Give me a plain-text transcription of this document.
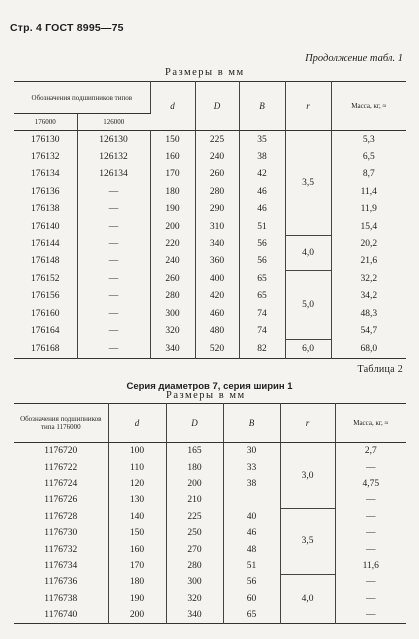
Стр. 4 ГОСТ 8995—75
Продолжение табл. 1
Размеры в мм
Обозначения подшипников типов		d	D	B	r	Масса, кг, ≈
176000	126000					
176130	126130	150	225	35	3,5	5,3
176132	126132	160	240	38		6,5
176134	126134	170	260	42		8,7
176136	—	180	280	46		11,4
176138	—	190	290	46		11,9
176140	—	200	310	51		15,4
176144	—	220	340	56	4,0	20,2
176148	—	240	360	56		21,6
176152	—	260	400	65	5,0	32,2
176156	—	280	420	65		34,2
176160	—	300	460	74		48,3
176164	—	320	480	74		54,7
176168	—	340	520	82	6,0	68,0
Таблица 2
Серия диаметров 7, серия ширин 1
Размеры в мм
Обозначения подшипников типа 1176000	d	D	B	r	Масса, кг, ≈
1176720	100	165	30	3,0	2,7
1176722	110	180	33		—
1176724	120	200	38		4,75
1176726	130	210			—
1176728	140	225	40	3,5	—
1176730	150	250	46		—
1176732	160	270	48		—
1176734	170	280	51		11,6
1176736	180	300	56	4,0	—
1176738	190	320	60		—
1176740	200	340	65		—
